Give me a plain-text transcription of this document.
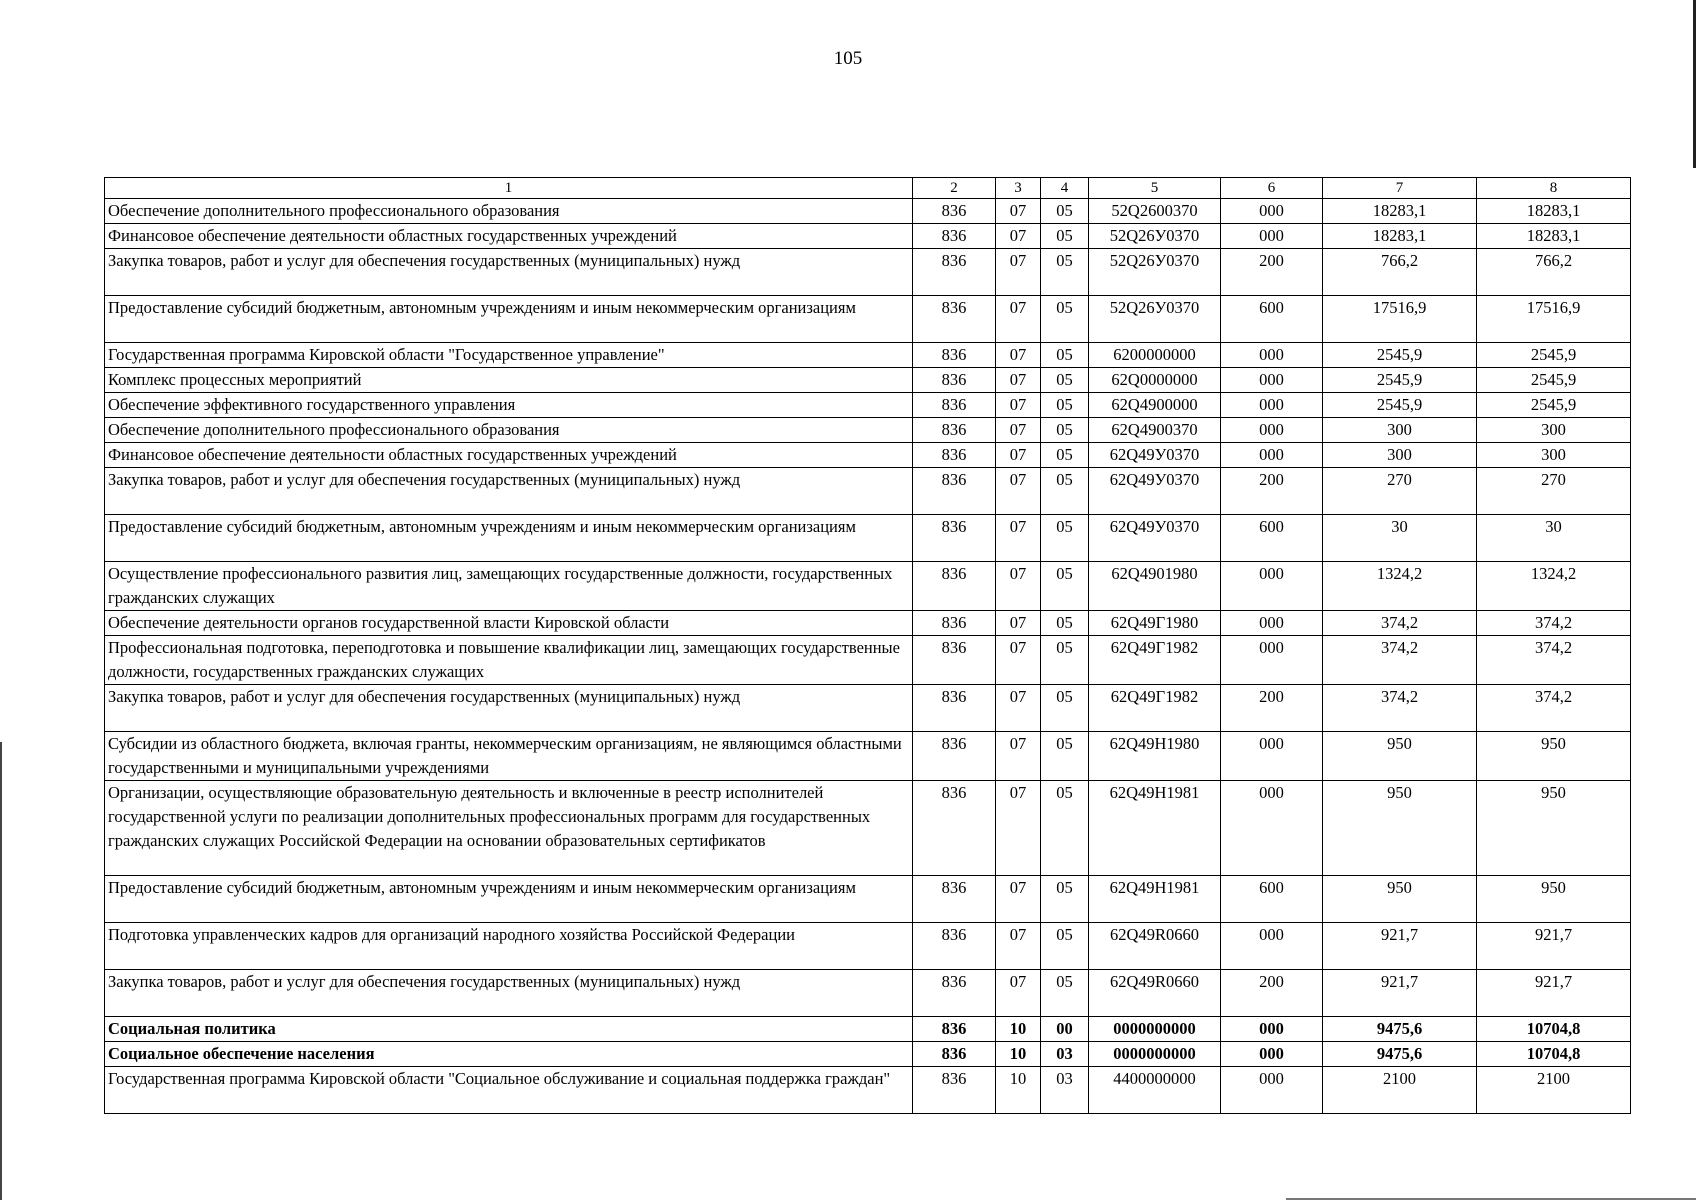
105
1	2	3	4	5	6	7	8
Обеспечение дополнительного профессионального образования	836	07	05	52Q2600370	000	18283,1	18283,1
Финансовое обеспечение деятельности областных государственных учреждений	836	07	05	52Q26У0370	000	18283,1	18283,1
Закупка товаров, работ и услуг для обеспечения государственных (муниципальных) нужд	836	07	05	52Q26У0370	200	766,2	766,2
Предоставление субсидий бюджетным, автономным учреждениям и иным некоммерческим организациям	836	07	05	52Q26У0370	600	17516,9	17516,9
Государственная программа Кировской области "Государственное управление"	836	07	05	6200000000	000	2545,9	2545,9
Комплекс процессных мероприятий	836	07	05	62Q0000000	000	2545,9	2545,9
Обеспечение эффективного государственного управления	836	07	05	62Q4900000	000	2545,9	2545,9
Обеспечение дополнительного профессионального образования	836	07	05	62Q4900370	000	300	300
Финансовое обеспечение деятельности областных государственных учреждений	836	07	05	62Q49У0370	000	300	300
Закупка товаров, работ и услуг для обеспечения государственных (муниципальных) нужд	836	07	05	62Q49У0370	200	270	270
Предоставление субсидий бюджетным, автономным учреждениям и иным некоммерческим организациям	836	07	05	62Q49У0370	600	30	30
Осуществление профессионального развития лиц, замещающих государственные должности, государственных гражданских служащих	836	07	05	62Q4901980	000	1324,2	1324,2
Обеспечение деятельности органов государственной власти Кировской области	836	07	05	62Q49Г1980	000	374,2	374,2
Профессиональная подготовка, переподготовка и повышение квалификации лиц, замещающих государственные должности, государственных гражданских служащих	836	07	05	62Q49Г1982	000	374,2	374,2
Закупка товаров, работ и услуг для обеспечения государственных (муниципальных) нужд	836	07	05	62Q49Г1982	200	374,2	374,2
Субсидии из областного бюджета, включая гранты, некоммерческим организациям, не являющимся областными государственными и муниципальными учреждениями	836	07	05	62Q49Н1980	000	950	950
Организации, осуществляющие образовательную деятельность и включенные в реестр исполнителей государственной услуги по реализации дополнительных профессиональных программ для государственных гражданских служащих Российской Федерации на основании образовательных сертификатов	836	07	05	62Q49Н1981	000	950	950
Предоставление субсидий бюджетным, автономным учреждениям и иным некоммерческим организациям	836	07	05	62Q49Н1981	600	950	950
Подготовка управленческих кадров для организаций народного хозяйства Российской Федерации	836	07	05	62Q49R0660	000	921,7	921,7
Закупка товаров, работ и услуг для обеспечения государственных (муниципальных) нужд	836	07	05	62Q49R0660	200	921,7	921,7
Социальная политика	836	10	00	0000000000	000	9475,6	10704,8
Социальное обеспечение населения	836	10	03	0000000000	000	9475,6	10704,8
Государственная программа Кировской области "Социальное обслуживание и социальная поддержка граждан"	836	10	03	4400000000	000	2100	2100
